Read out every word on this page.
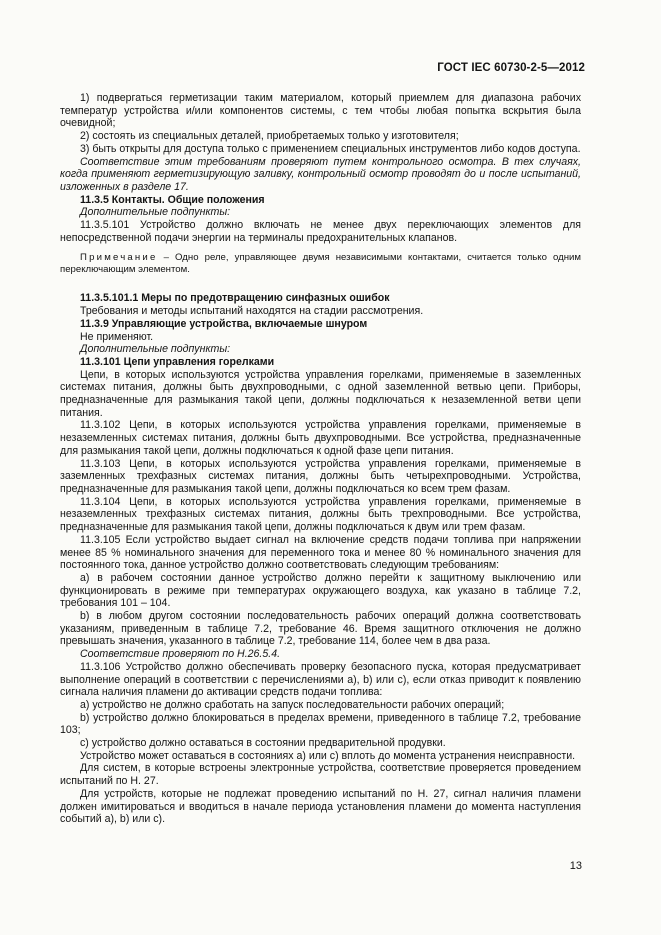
ГОСТ IEC 60730-2-5—2012

1) подвергаться герметизации таким материалом, который приемлем для диапазона рабочих температур устройства и/или компонентов системы, с тем чтобы любая попытка вскрытия была очевидной;

2) состоять из специальных деталей, приобретаемых только у изготовителя;

3) быть открыты для доступа только с применением специальных инструментов либо кодов доступа.

Соответствие этим требованиям проверяют путем контрольного осмотра. В тех случаях, когда применяют герметизирующую заливку, контрольный осмотр проводят до и после испытаний, изложенных в разделе 17.

11.3.5 Контакты. Общие положения

Дополнительные подпункты:

11.3.5.101 Устройство должно включать не менее двух переключающих элементов для непосредственной подачи энергии на терминалы предохранительных клапанов.

Примечание – Одно реле, управляющее двумя независимыми контактами, считается только одним переключающим элементом.

11.3.5.101.1 Меры по предотвращению синфазных ошибок

Требования и методы испытаний находятся на стадии рассмотрения.

11.3.9 Управляющие устройства, включаемые шнуром

Не применяют.

Дополнительные подпункты:

11.3.101 Цепи управления горелками

Цепи, в которых используются устройства управления горелками, применяемые в заземленных системах питания, должны быть двухпроводными, с одной заземленной ветвью цепи. Приборы, предназначенные для размыкания такой цепи, должны подключаться к незаземленной ветви цепи питания.

11.3.102 Цепи, в которых используются устройства управления горелками, применяемые в незаземленных системах питания, должны быть двухпроводными. Все устройства, предназначенные для размыкания такой цепи, должны подключаться к одной фазе цепи питания.

11.3.103 Цепи, в которых используются устройства управления горелками, применяемые в заземленных трехфазных системах питания, должны быть четырехпроводными. Устройства, предназначенные для размыкания такой цепи, должны подключаться ко всем трем фазам.

11.3.104 Цепи, в которых используются устройства управления горелками, применяемые в незаземленных трехфазных системах питания, должны быть трехпроводными. Все устройства, предназначенные для размыкания такой цепи, должны подключаться к двум или трем фазам.

11.3.105 Если устройство выдает сигнал на включение средств подачи топлива при напряжении менее 85 % номинального значения для переменного тока и менее 80 % номинального значения для постоянного тока, данное устройство должно соответствовать следующим требованиям:

а) в рабочем состоянии данное устройство должно перейти к защитному выключению или функционировать в режиме при температурах окружающего воздуха, как указано в таблице 7.2, требования 101 – 104.

b) в любом другом состоянии последовательность рабочих операций должна соответствовать указаниям, приведенным в таблице 7.2, требование 46. Время защитного отключения не должно превышать значения, указанного в таблице 7.2, требование 114, более чем в два раза.

Соответствие проверяют по Н.26.5.4.

11.3.106 Устройство должно обеспечивать проверку безопасного пуска, которая предусматривает выполнение операций в соответствии с перечислениями а), b) или с), если отказ приводит к появлению сигнала наличия пламени до активации средств подачи топлива:

а) устройство не должно сработать на запуск последовательности рабочих операций;

b) устройство должно блокироваться в пределах времени, приведенного в таблице 7.2, требование 103;

с) устройство должно оставаться в состоянии предварительной продувки.

Устройство может оставаться в состояниях а) или с) вплоть до момента устранения неисправности.

Для систем, в которые встроены электронные устройства, соответствие проверяется проведением испытаний по Н. 27.

Для устройств, которые не подлежат проведению испытаний по Н. 27, сигнал наличия пламени должен имитироваться и вводиться в начале периода установления пламени до момента наступления событий а), b) или с).

13
